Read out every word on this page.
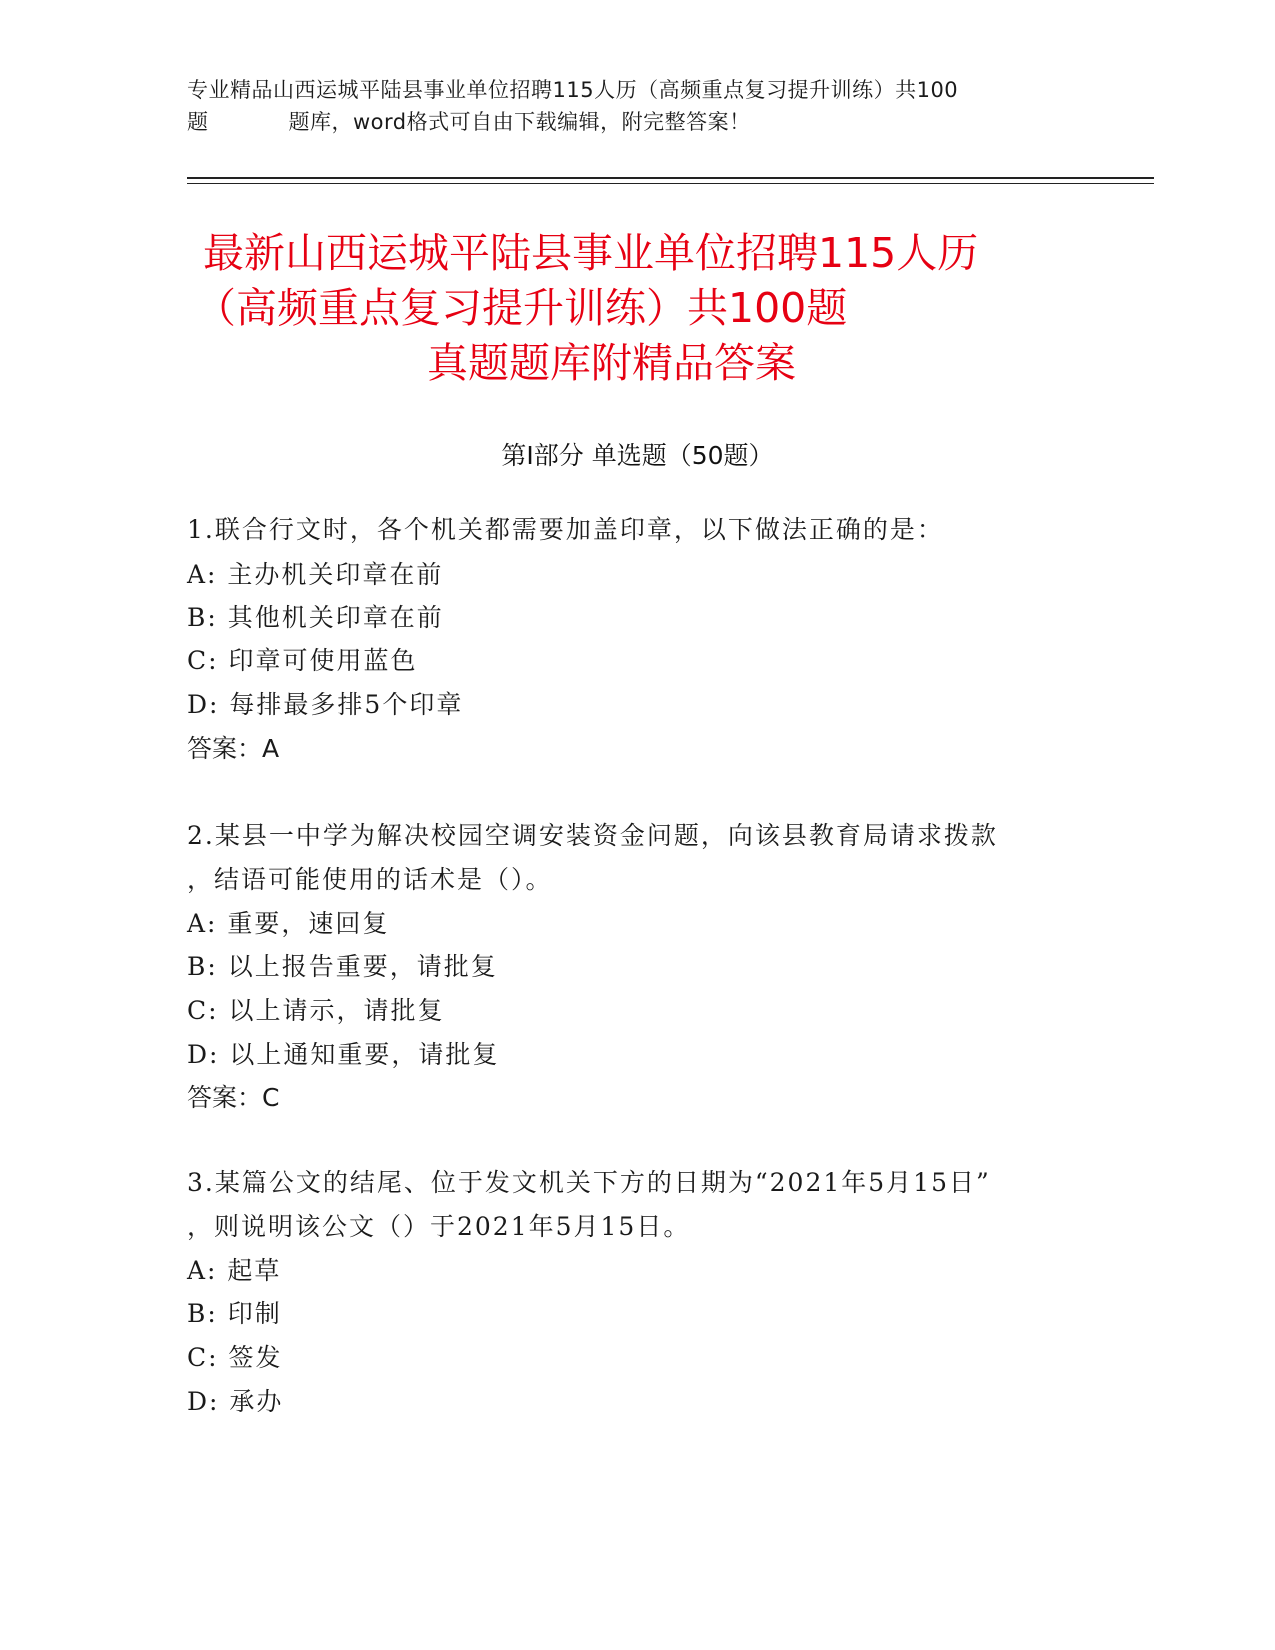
专业精品山西运城平陆县事业单位招聘115人历（高频重点复习提升训练）共100
题	题库，word格式可自由下载编辑，附完整答案！
最新山西运城平陆县事业单位招聘115人历
（高频重点复习提升训练）共100题
真题题库附精品答案
第I部分 单选题（50题）
1.联合行文时，各个机关都需要加盖印章，以下做法正确的是：
A: 主办机关印章在前
B: 其他机关印章在前
C: 印章可使用蓝色
D: 每排最多排5个印章
答案：A
2.某县一中学为解决校园空调安装资金问题，向该县教育局请求拨款
，结语可能使用的话术是（）。
A: 重要，速回复
B: 以上报告重要，请批复
C: 以上请示，请批复
D: 以上通知重要，请批复
答案：C
3.某篇公文的结尾、位于发文机关下方的日期为“2021年5月15日”
，则说明该公文（）于2021年5月15日。
A: 起草
B: 印制
C: 签发
D: 承办
